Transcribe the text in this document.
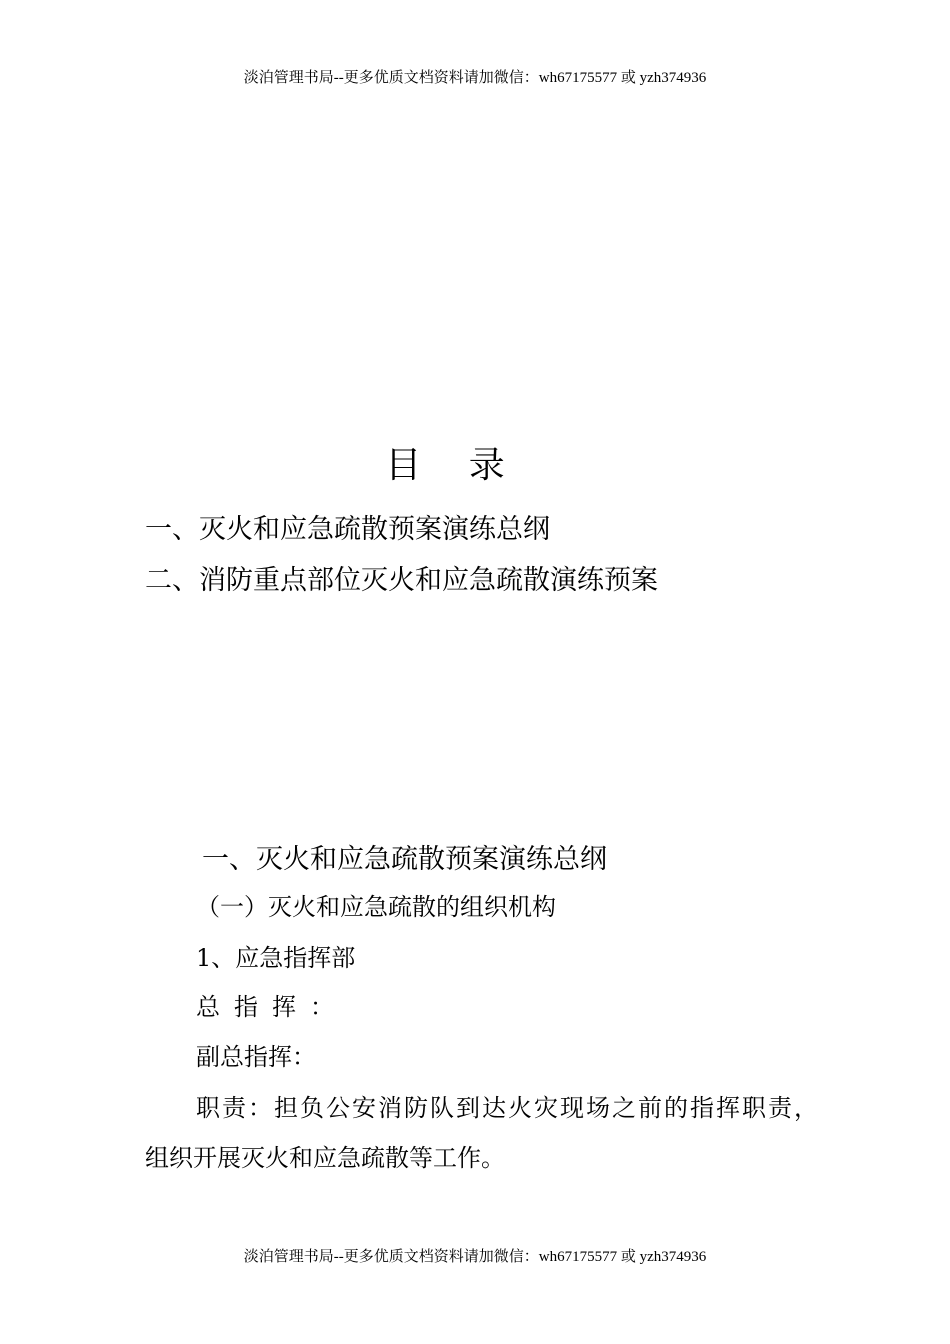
淡泊管理书局--更多优质文档资料请加微信：wh67175577 或 yzh374936
目 录
一、灭火和应急疏散预案演练总纲
二、消防重点部位灭火和应急疏散演练预案
一、灭火和应急疏散预案演练总纲
（一）灭火和应急疏散的组织机构
1、应急指挥部
总指挥：
副总指挥：
职责：担负公安消防队到达火灾现场之前的指挥职责，
组织开展灭火和应急疏散等工作。
淡泊管理书局--更多优质文档资料请加微信：wh67175577 或 yzh374936
